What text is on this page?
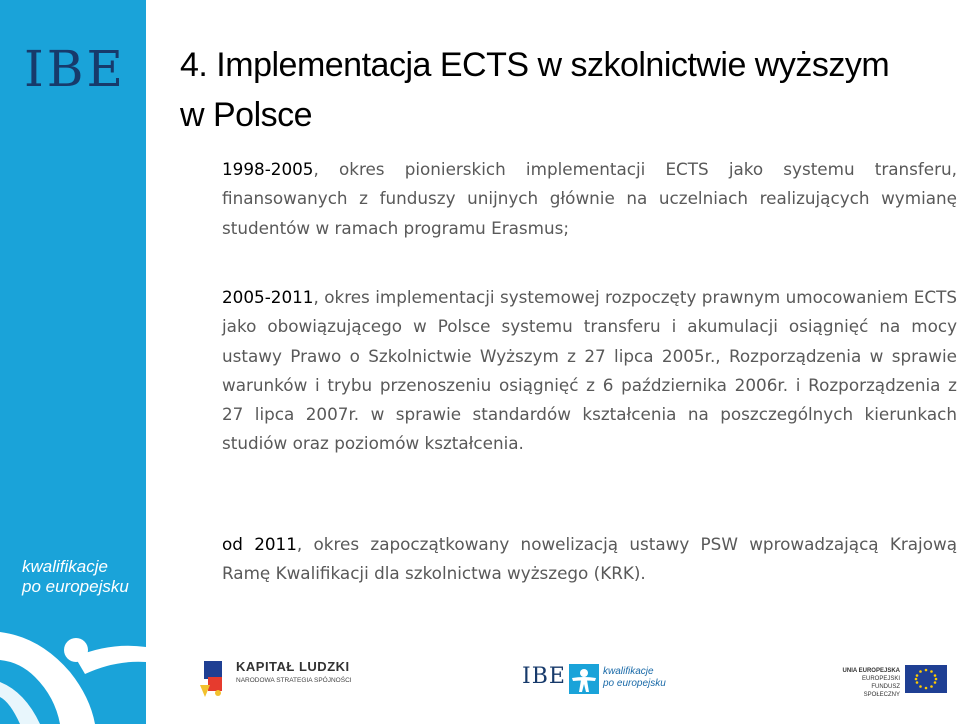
IBE
kwalifikacje
po europejsku
4. Implementacja ECTS w szkolnictwie wyższym
w Polsce

1998-2005, okres pionierskich implementacji ECTS jako systemu transferu, finansowanych z funduszy unijnych głównie na uczelniach realizujących wymianę studentów w ramach programu Erasmus;

2005-2011, okres implementacji systemowej rozpoczęty prawnym umocowaniem ECTS jako obowiązującego w Polsce systemu transferu i akumulacji osiągnięć na mocy ustawy Prawo o Szkolnictwie Wyższym z 27 lipca 2005r., Rozporządzenia w sprawie warunków i trybu przenoszeniu osiągnięć z 6 października 2006r. i Rozporządzenia z 27 lipca 2007r. w sprawie standardów kształcenia na poszczególnych kierunkach studiów oraz poziomów kształcenia.

od 2011, okres zapoczątkowany nowelizacją ustawy PSW wprowadzającą Krajową Ramę Kwalifikacji dla szkolnictwa wyższego (KRK).

KAPITAŁ LUDZKI
NARODOWA STRATEGIA SPÓJNOŚCI	IBE	kwalifikacje
po europejsku
UNIA EUROPEJSKA
EUROPEJSKI
FUNDUSZ SPOŁECZNY
